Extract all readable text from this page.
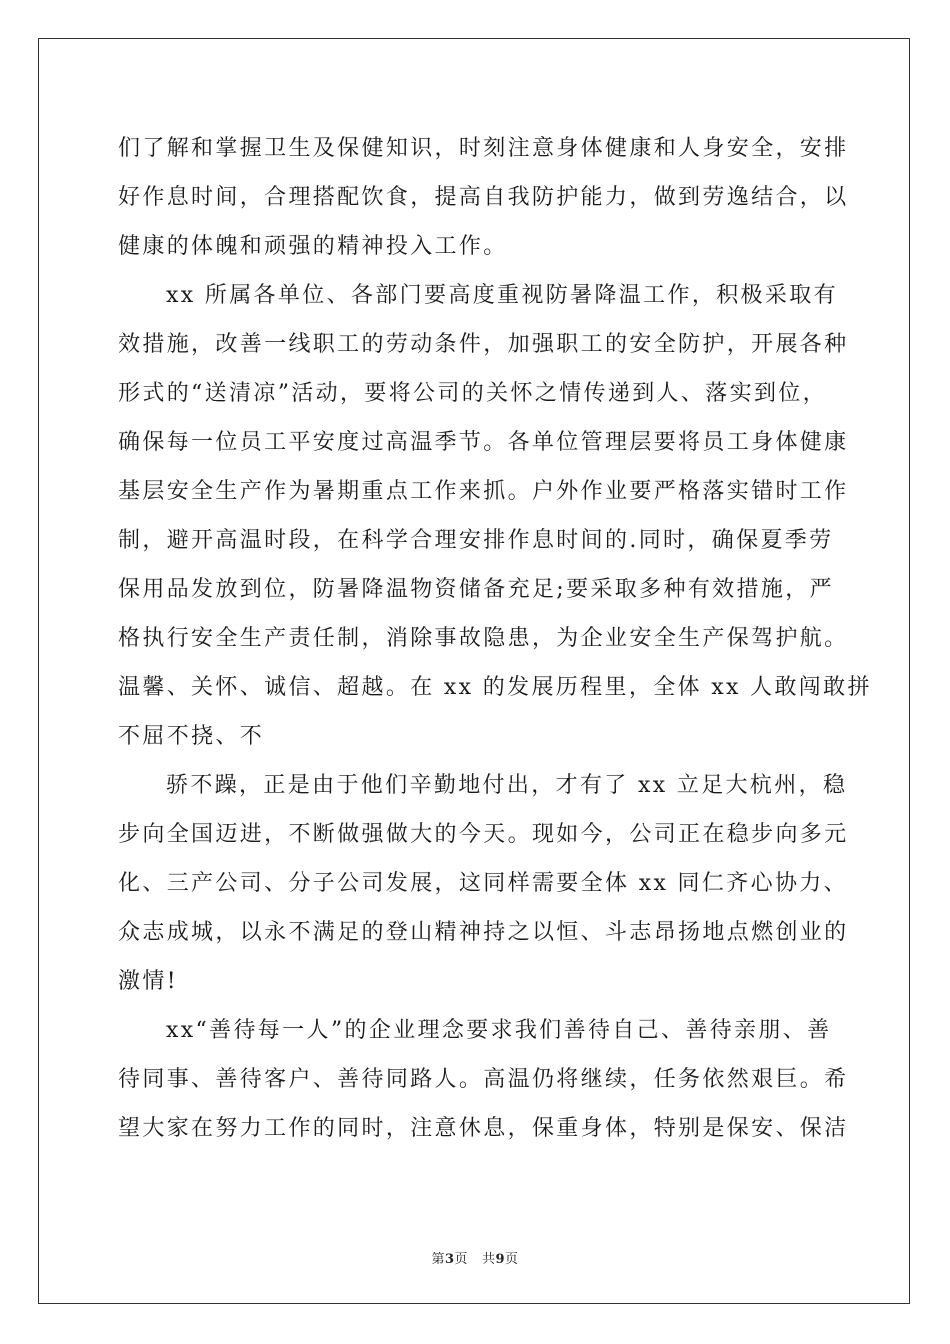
们了解和掌握卫生及保健知识，时刻注意身体健康和人身安全，安排
好作息时间，合理搭配饮食，提高自我防护能力，做到劳逸结合，以
健康的体魄和顽强的精神投入工作。
xx 所属各单位、各部门要高度重视防暑降温工作，积极采取有
效措施，改善一线职工的劳动条件，加强职工的安全防护，开展各种
形式的“送清凉”活动，要将公司的关怀之情传递到人、落实到位，
确保每一位员工平安度过高温季节。各单位管理层要将员工身体健康
基层安全生产作为暑期重点工作来抓。户外作业要严格落实错时工作
制，避开高温时段，在科学合理安排作息时间的.同时，确保夏季劳
保用品发放到位，防暑降温物资储备充足;要采取多种有效措施，严
格执行安全生产责任制，消除事故隐患，为企业安全生产保驾护航。
温馨、关怀、诚信、超越。在 xx 的发展历程里，全体 xx 人敢闯敢拼
不屈不挠、不
骄不躁，正是由于他们辛勤地付出，才有了 xx 立足大杭州，稳
步向全国迈进，不断做强做大的今天。现如今，公司正在稳步向多元
化、三产公司、分子公司发展，这同样需要全体 xx 同仁齐心协力、
众志成城，以永不满足的登山精神持之以恒、斗志昂扬地点燃创业的
激情!
xx“善待每一人”的企业理念要求我们善待自己、善待亲朋、善
待同事、善待客户、善待同路人。高温仍将继续，任务依然艰巨。希
望大家在努力工作的同时，注意休息，保重身体，特别是保安、保洁
第3页   共9页
